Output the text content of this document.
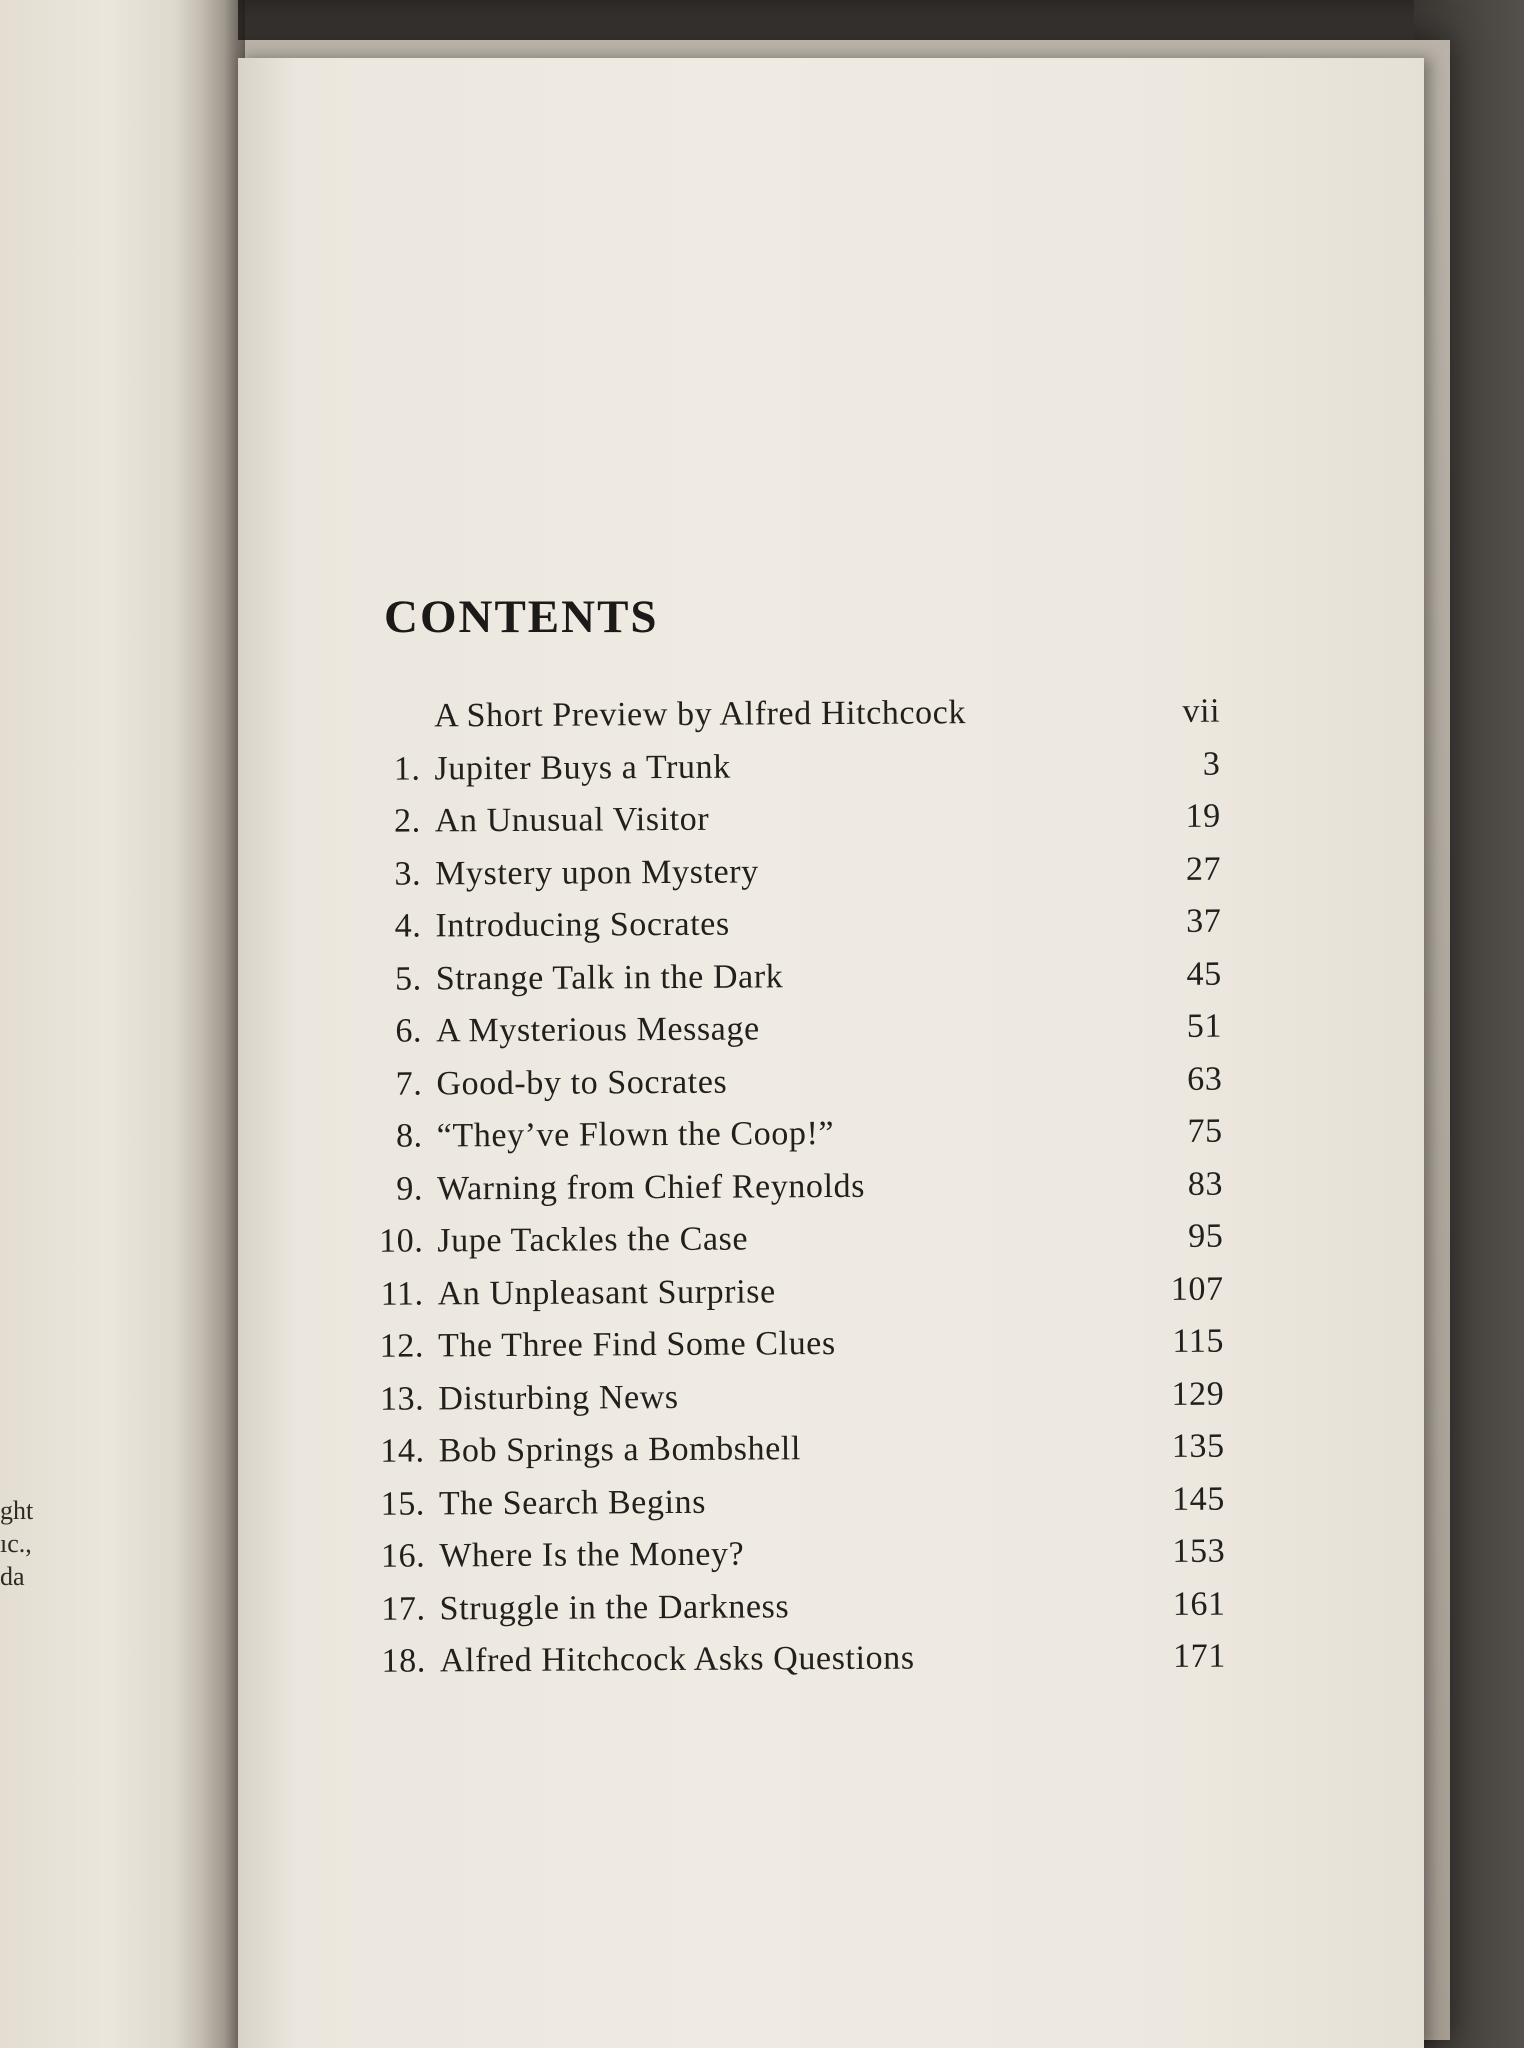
ght
ıc.,
da
CONTENTS
A Short Preview by Alfred Hitchcock	vii
1. Jupiter Buys a Trunk	3
2. An Unusual Visitor	19
3. Mystery upon Mystery	27
4. Introducing Socrates	37
5. Strange Talk in the Dark	45
6. A Mysterious Message	51
7. Good-by to Socrates	63
8. “They’ve Flown the Coop!”	75
9. Warning from Chief Reynolds	83
10. Jupe Tackles the Case	95
11. An Unpleasant Surprise	107
12. The Three Find Some Clues	115
13. Disturbing News	129
14. Bob Springs a Bombshell	135
15. The Search Begins	145
16. Where Is the Money?	153
17. Struggle in the Darkness	161
18. Alfred Hitchcock Asks Questions	171
